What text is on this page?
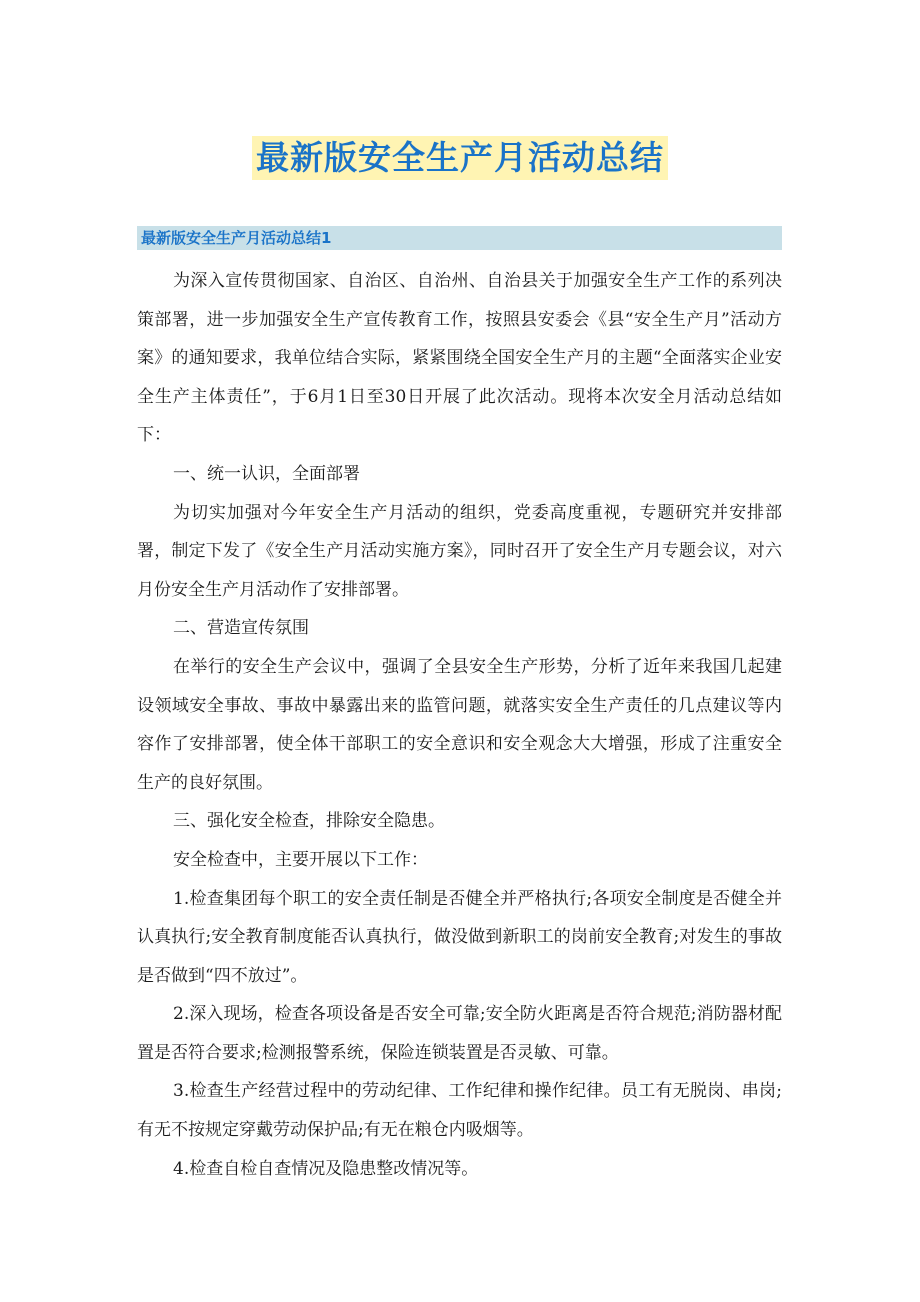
最新版安全生产月活动总结
最新版安全生产月活动总结1

为深入宣传贯彻国家、自治区、自治州、自治县关于加强安全生产工作的系列决策部署，进一步加强安全生产宣传教育工作，按照县安委会《县“安全生产月”活动方案》的通知要求，我单位结合实际，紧紧围绕全国安全生产月的主题“全面落实企业安全生产主体责任”，于6月1日至30日开展了此次活动。现将本次安全月活动总结如下：

一、统一认识，全面部署

为切实加强对今年安全生产月活动的组织，党委高度重视，专题研究并安排部署，制定下发了《安全生产月活动实施方案》，同时召开了安全生产月专题会议，对六月份安全生产月活动作了安排部署。

二、营造宣传氛围

在举行的安全生产会议中，强调了全县安全生产形势，分析了近年来我国几起建设领域安全事故、事故中暴露出来的监管问题，就落实安全生产责任的几点建议等内容作了安排部署，使全体干部职工的安全意识和安全观念大大增强，形成了注重安全生产的良好氛围。

三、强化安全检查，排除安全隐患。

安全检查中，主要开展以下工作：

1.检查集团每个职工的安全责任制是否健全并严格执行;各项安全制度是否健全并认真执行;安全教育制度能否认真执行，做没做到新职工的岗前安全教育;对发生的事故是否做到“四不放过”。

2.深入现场，检查各项设备是否安全可靠;安全防火距离是否符合规范;消防器材配置是否符合要求;检测报警系统，保险连锁装置是否灵敏、可靠。

3.检查生产经营过程中的劳动纪律、工作纪律和操作纪律。员工有无脱岗、串岗;有无不按规定穿戴劳动保护品;有无在粮仓内吸烟等。

4.检查自检自查情况及隐患整改情况等。
